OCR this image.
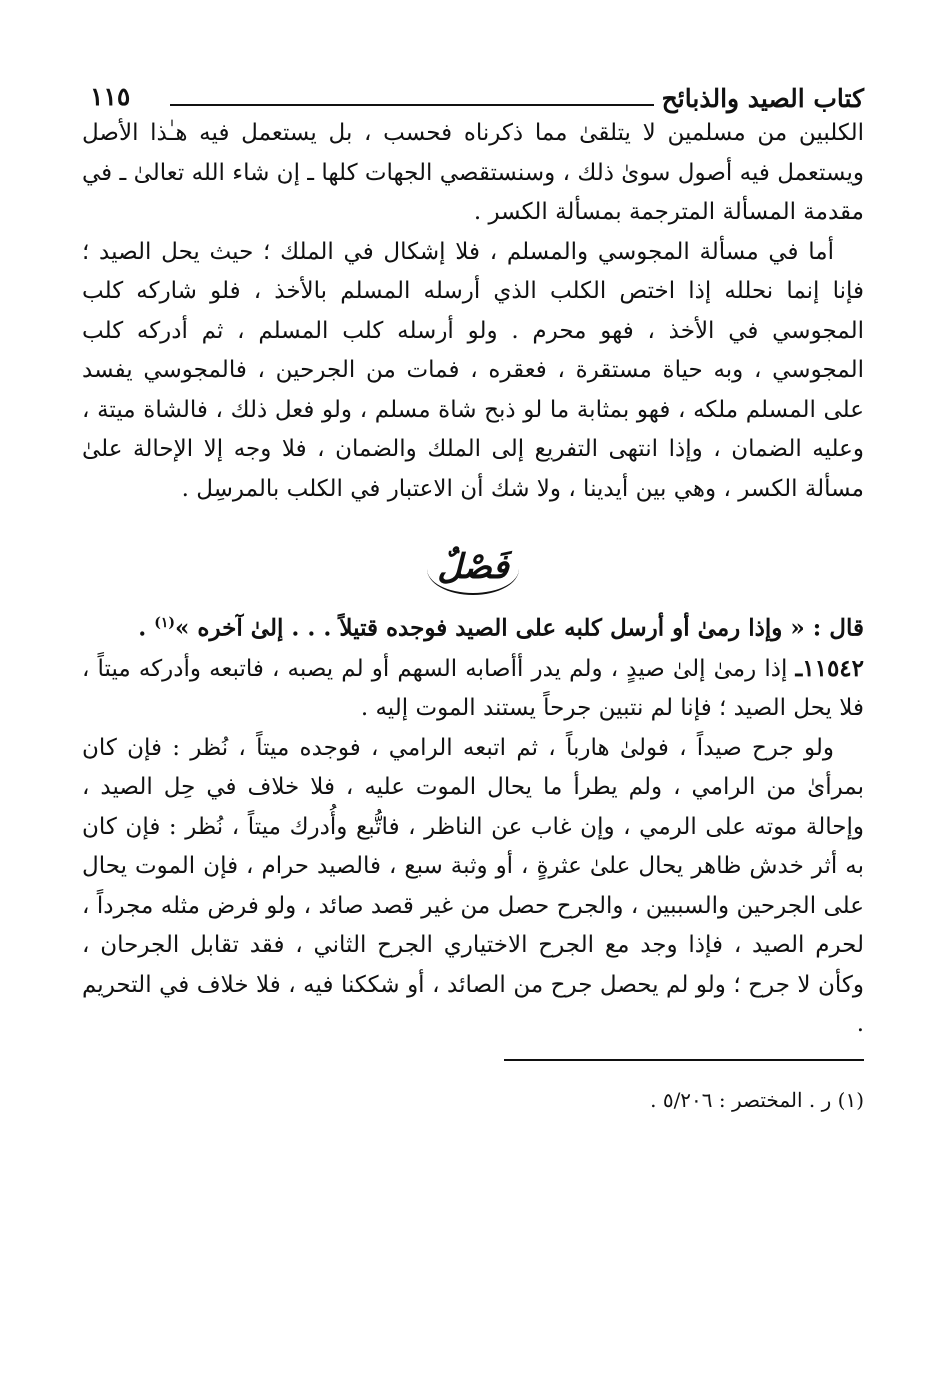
كتاب الصيد والذبائح
١١٥

الكلبين من مسلمين لا يتلقىٰ مما ذكرناه فحسب ، بل يستعمل فيه هـٰذا الأصل ويستعمل فيه أصول سوىٰ ذلك ، وسنستقصي الجهات كلها ـ إن شاء الله تعالىٰ ـ في مقدمة المسألة المترجمة بمسألة الكسر .

أما في مسألة المجوسي والمسلم ، فلا إشكال في الملك ؛ حيث يحل الصيد ؛ فإنا إنما نحلله إذا اختص الكلب الذي أرسله المسلم بالأخذ ، فلو شاركه كلب المجوسي في الأخذ ، فهو محرم . ولو أرسله كلب المسلم ، ثم أدركه كلب المجوسي ، وبه حياة مستقرة ، فعقره ، فمات من الجرحين ، فالمجوسي يفسد على المسلم ملكه ، فهو بمثابة ما لو ذبح شاة مسلم ، ولو فعل ذلك ، فالشاة ميتة ، وعليه الضمان ، وإذا انتهى التفريع إلى الملك والضمان ، فلا وجه إلا الإحالة علىٰ مسألة الكسر ، وهي بين أيدينا ، ولا شك أن الاعتبار في الكلب بالمرسِل .

فَصْلٌ

قال : « وإذا رمىٰ أو أرسل كلبه على الصيد فوجده قتيلاً . . . إلىٰ آخره »$^{(١)}$ .

١١٥٤٢ـ إذا رمىٰ إلىٰ صيدٍ ، ولم يدر أأصابه السهم أو لم يصبه ، فاتبعه وأدركه ميتاً ، فلا يحل الصيد ؛ فإنا لم نتبين جرحاً يستند الموت إليه .

ولو جرح صيداً ، فولىٰ هارباً ، ثم اتبعه الرامي ، فوجده ميتاً ، نُظر : فإن كان بمرأىٰ من الرامي ، ولم يطرأ ما يحال الموت عليه ، فلا خلاف في حِل الصيد ، وإحالة موته على الرمي ، وإن غاب عن الناظر ، فاتُّبع وأُدرك ميتاً ، نُظر : فإن كان به أثر خدش ظاهر يحال علىٰ عثرةٍ ، أو وثبة سبع ، فالصيد حرام ، فإن الموت يحال على الجرحين والسببين ، والجرح حصل من غير قصد صائد ، ولو فرض مثله مجرداً ، لحرم الصيد ، فإذا وجد مع الجرح الاختياري الجرح الثاني ، فقد تقابل الجرحان ، وكأن لا جرح ؛ ولو لم يحصل جرح من الصائد ، أو شككنا فيه ، فلا خلاف في التحريم .

(١) ر . المختصر : ٥/٢٠٦ .
